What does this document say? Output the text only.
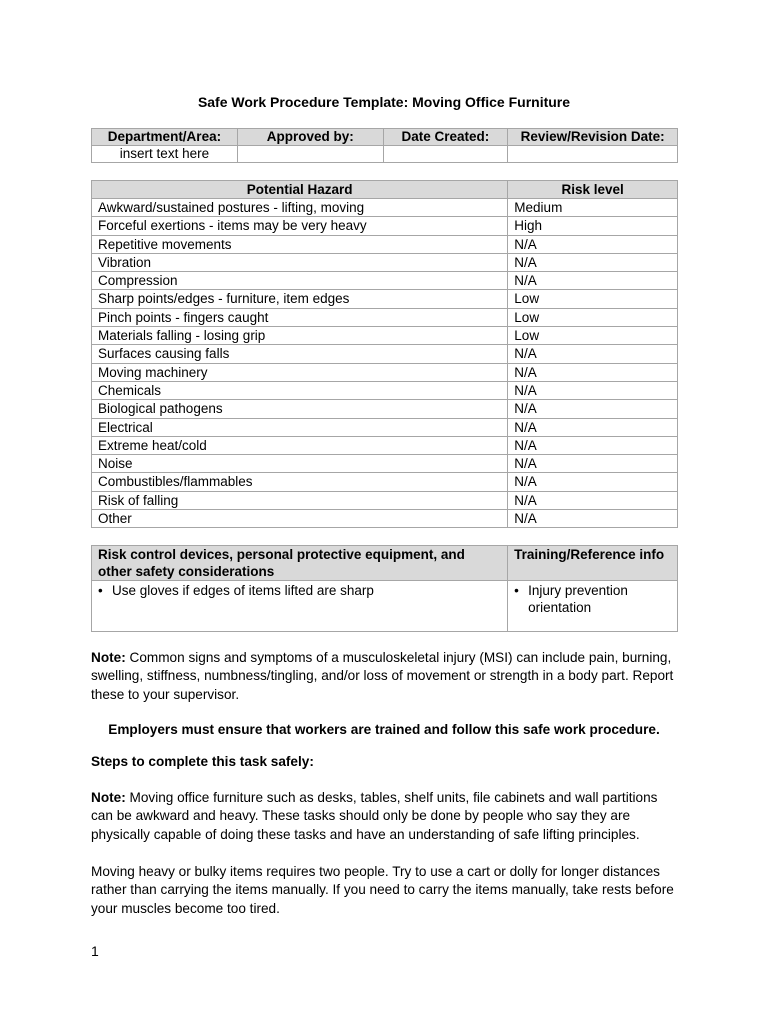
Safe Work Procedure Template: Moving Office Furniture
Department/Area:	Approved by:	Date Created:	Review/Revision Date:
insert text here			
Potential Hazard	Risk level
Awkward/sustained postures - lifting, moving	Medium
Forceful exertions - items may be very heavy	High
Repetitive movements	N/A
Vibration	N/A
Compression	N/A
Sharp points/edges - furniture, item edges	Low
Pinch points - fingers caught	Low
Materials falling - losing grip	Low
Surfaces causing falls	N/A
Moving machinery	N/A
Chemicals	N/A
Biological pathogens	N/A
Electrical	N/A
Extreme heat/cold	N/A
Noise	N/A
Combustibles/flammables	N/A
Risk of falling	N/A
Other	N/A
Risk control devices, personal protective equipment, and other safety considerations	Training/Reference info

• Use gloves if edges of items lifted are sharp	• Injury prevention orientation
Note: Common signs and symptoms of a musculoskeletal injury (MSI) can include pain, burning, swelling, stiffness, numbness/tingling, and/or loss of movement or strength in a body part. Report these to your supervisor.
Employers must ensure that workers are trained and follow this safe work procedure.
Steps to complete this task safely:
Note: Moving office furniture such as desks, tables, shelf units, file cabinets and wall partitions can be awkward and heavy. These tasks should only be done by people who say they are physically capable of doing these tasks and have an understanding of safe lifting principles.
Moving heavy or bulky items requires two people. Try to use a cart or dolly for longer distances rather than carrying the items manually. If you need to carry the items manually, take rests before your muscles become too tired.
1
